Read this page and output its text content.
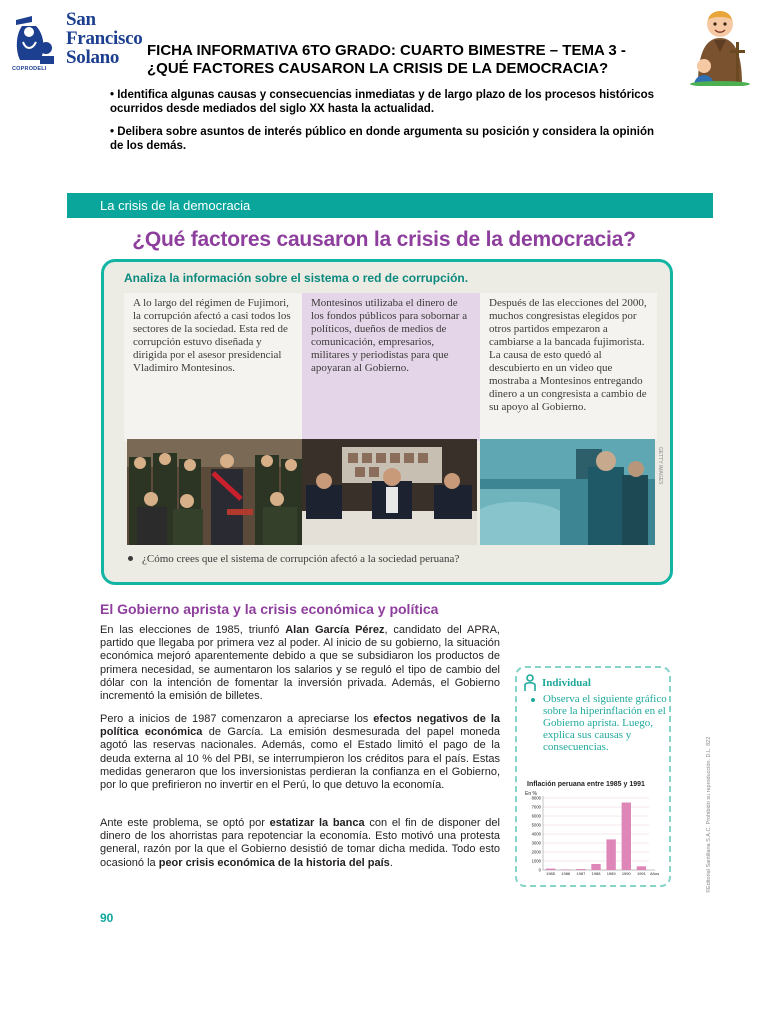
San
Francisco
Solano
COPRODELI
FICHA INFORMATIVA 6TO GRADO: CUARTO BIMESTRE – TEMA 3 -
¿QUÉ FACTORES CAUSARON LA CRISIS DE LA DEMOCRACIA?

• Identifica algunas causas y consecuencias inmediatas y de largo plazo de los procesos históricos ocurridos desde mediados del siglo XX hasta la actualidad.

• Delibera sobre asuntos de interés público en donde argumenta su posición y considera la opinión de los demás.

La crisis de la democracia
¿Qué factores causaron la crisis de la democracia?
Analiza la información sobre el sistema o red de corrupción.
A lo largo del régimen de Fujimori, la corrupción afectó a casi todos los sectores de la sociedad. Esta red de corrupción estuvo diseñada y dirigida por el asesor presidencial Vladimiro Montesinos.
Montesinos utilizaba el dinero de los fondos públicos para sobornar a políticos, dueños de medios de comunicación, empresarios, militares y periodistas para que apoyaran al Gobierno.
Después de las elecciones del 2000, muchos congresistas elegidos por otros partidos empezaron a cambiarse a la bancada fujimorista. La causa de esto quedó al descubierto en un video que mostraba a Montesinos entregando dinero a un congresista a cambio de su apoyo al Gobierno.
GETTY IMAGES
¿Cómo crees que el sistema de corrupción afectó a la sociedad peruana?
El Gobierno aprista y la crisis económica y política
En las elecciones de 1985, triunfó Alan García Pérez, candidato del APRA, partido que llegaba por primera vez al poder. Al inicio de su gobierno, la situación económica mejoró aparentemente debido a que se subsidiaron los productos de primera necesidad, se aumentaron los salarios y se reguló el tipo de cambio del dólar con la intención de fomentar la inversión privada. Además, el Gobierno incrementó la emisión de billetes.
Pero a inicios de 1987 comenzaron a apreciarse los efectos negativos de la política económica de García. La emisión desmesurada del papel moneda agotó las reservas nacionales. Además, como el Estado limitó el pago de la deuda externa al 10 % del PBI, se interrumpieron los créditos para el país. Estas medidas generaron que los inversionistas perdieran la confianza en el Gobierno, por lo que prefirieron no invertir en el Perú, lo que detuvo la economía.
Ante este problema, se optó por estatizar la banca con el fin de disponer del dinero de los ahorristas para repotenciar la economía. Esto motivó una protesta general, razón por la que el Gobierno desistió de tomar dicha medida. Todo esto ocasionó la peor crisis económica de la historia del país.
Individual
Observa el siguiente gráfico sobre la hiperinflación en el Gobierno aprista. Luego, explica sus causas y consecuencias.
Inflación peruana entre 1985 y 1991
En %
0
1000
2000
3000
4000
5000
6000
7000
8000
1985 1986 1987 1988 1989 1990 1991 Años
90
©Editorial Santillana S.A.C. Prohibido su reproducción. D.L. 822
